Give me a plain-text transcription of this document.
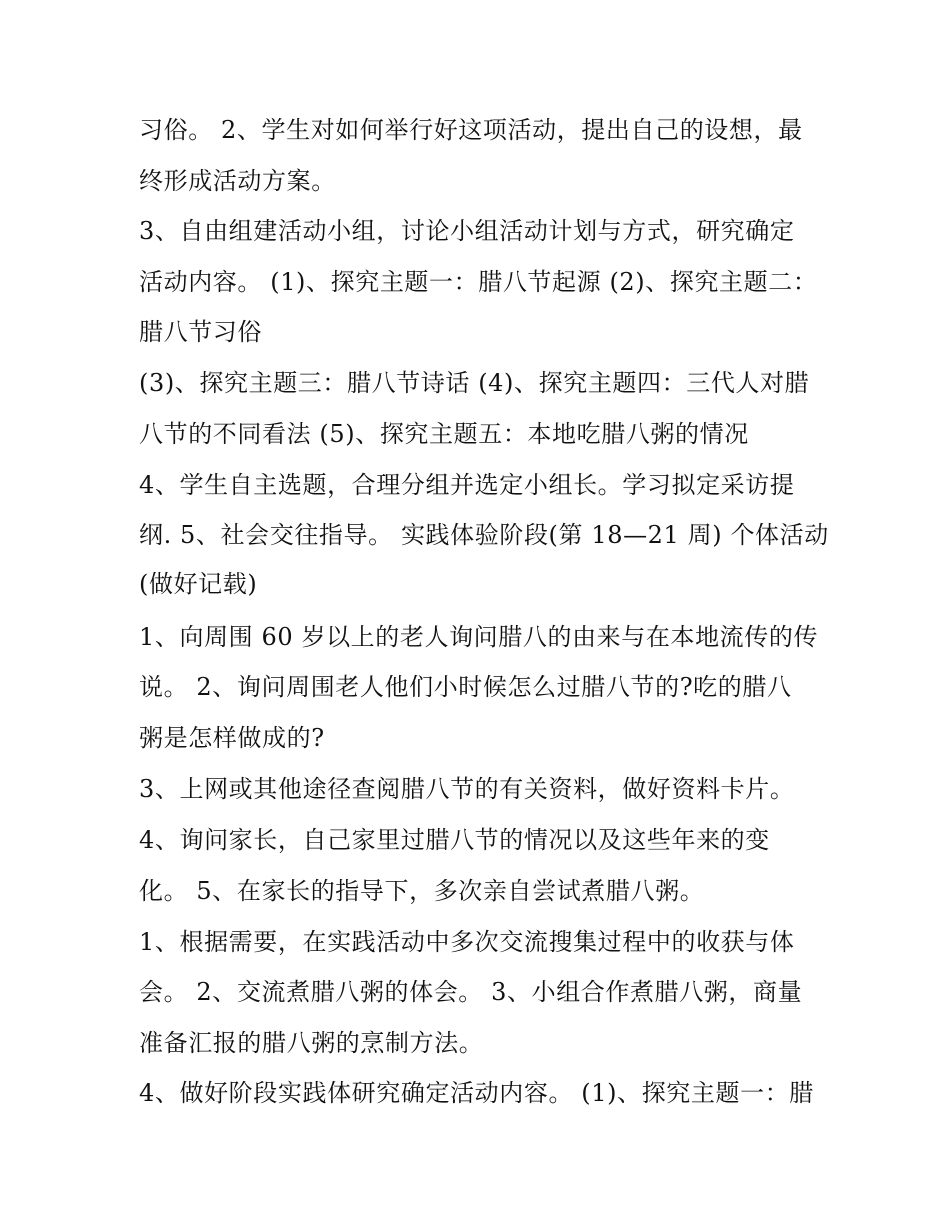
习俗。 2、学生对如何举行好这项活动，提出自己的设想，最
终形成活动方案。
3、自由组建活动小组，讨论小组活动计划与方式，研究确定
活动内容。 (1)、探究主题一：腊八节起源 (2)、探究主题二：
腊八节习俗
(3)、探究主题三：腊八节诗话 (4)、探究主题四：三代人对腊
八节的不同看法 (5)、探究主题五：本地吃腊八粥的情况
4、学生自主选题，合理分组并选定小组长。学习拟定采访提
纲. 5、社会交往指导。 实践体验阶段(第 18—21 周) 个体活动
(做好记载)
1、向周围 60 岁以上的老人询问腊八的由来与在本地流传的传
说。 2、询问周围老人他们小时候怎么过腊八节的?吃的腊八
粥是怎样做成的?
3、上网或其他途径查阅腊八节的有关资料，做好资料卡片。
4、询问家长，自己家里过腊八节的情况以及这些年来的变
化。 5、在家长的指导下，多次亲自尝试煮腊八粥。
1、根据需要，在实践活动中多次交流搜集过程中的收获与体
会。 2、交流煮腊八粥的体会。 3、小组合作煮腊八粥，商量
准备汇报的腊八粥的烹制方法。
4、做好阶段实践体研究确定活动内容。 (1)、探究主题一：腊
